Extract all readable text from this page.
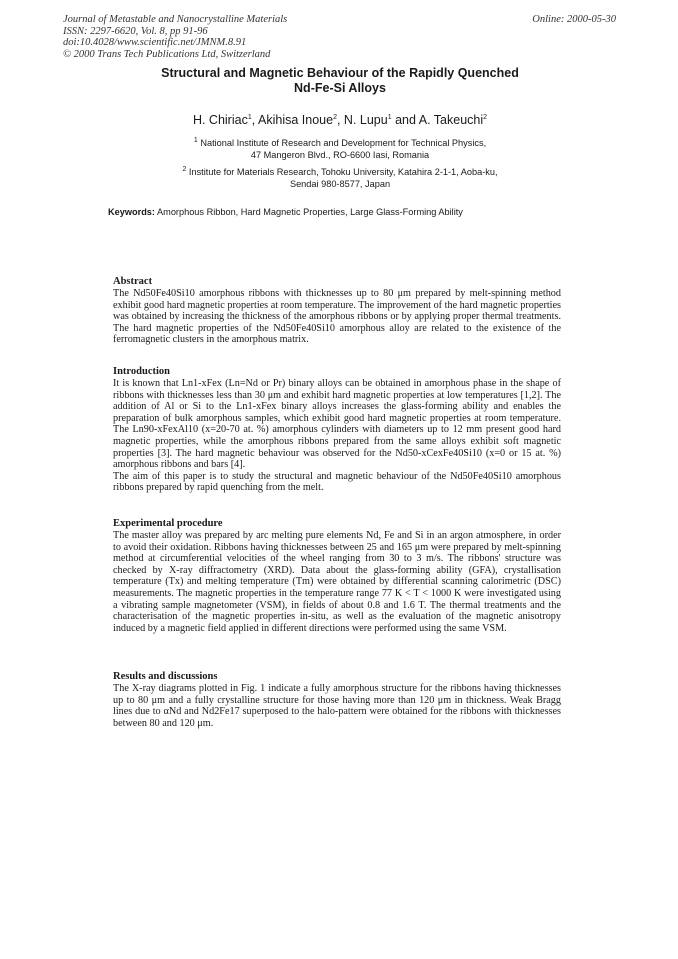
Journal of Metastable and Nanocrystalline Materials
ISSN: 2297-6620, Vol. 8, pp 91-96
doi:10.4028/www.scientific.net/JMNM.8.91
© 2000 Trans Tech Publications Ltd, Switzerland
Online: 2000-05-30
Structural and Magnetic Behaviour of the Rapidly Quenched
Nd-Fe-Si Alloys
H. Chiriac$^1$, Akihisa Inoue$^2$, N. Lupu$^1$ and A. Takeuchi$^2$
$^1$ National Institute of Research and Development for Technical Physics,
47 Mangeron Blvd., RO-6600 Iasi, Romania
$^2$ Institute for Materials Research, Tohoku University, Katahira 2-1-1, Aoba-ku,
Sendai 980-8577, Japan
Keywords: Amorphous Ribbon, Hard Magnetic Properties, Large Glass-Forming Ability

Abstract

The Nd50Fe40Si10 amorphous ribbons with thicknesses up to 80 μm prepared by melt-spinning method exhibit good hard magnetic properties at room temperature. The improvement of the hard magnetic properties was obtained by increasing the thickness of the amorphous ribbons or by applying proper thermal treatments. The hard magnetic properties of the Nd50Fe40Si10 amorphous alloy are related to the existence of the ferromagnetic clusters in the amorphous matrix.

Introduction

It is known that Ln1-xFex (Ln=Nd or Pr) binary alloys can be obtained in amorphous phase in the shape of ribbons with thicknesses less than 30 μm and exhibit hard magnetic properties at low temperatures [1,2]. The addition of Al or Si to the Ln1-xFex binary alloys increases the glass-forming ability and enables the preparation of bulk amorphous samples, which exhibit good hard magnetic properties at room temperature. The Ln90-xFexAl10 (x=20-70 at. %) amorphous cylinders with diameters up to 12 mm present good hard magnetic properties, while the amorphous ribbons prepared from the same alloys exhibit soft magnetic properties [3]. The hard magnetic behaviour was observed for the Nd50-xCexFe40Si10 (x=0 or 15 at. %) amorphous ribbons and bars [4].

The aim of this paper is to study the structural and magnetic behaviour of the Nd50Fe40Si10 amorphous ribbons prepared by rapid quenching from the melt.

Experimental procedure

The master alloy was prepared by arc melting pure elements Nd, Fe and Si in an argon atmosphere, in order to avoid their oxidation. Ribbons having thicknesses between 25 and 165 μm were prepared by melt-spinning method at circumferential velocities of the wheel ranging from 30 to 3 m/s. The ribbons' structure was checked by X-ray diffractometry (XRD). Data about the glass-forming ability (GFA), crystallisation temperature (Tx) and melting temperature (Tm) were obtained by differential scanning calorimetric (DSC) measurements. The magnetic properties in the temperature range 77 K < T < 1000 K were investigated using a vibrating sample magnetometer (VSM), in fields of about 0.8 and 1.6 T. The thermal treatments and the characterisation of the magnetic properties in-situ, as well as the evaluation of the magnetic anisotropy induced by a magnetic field applied in different directions were performed using the same VSM.

Results and discussions

The X-ray diagrams plotted in Fig. 1 indicate a fully amorphous structure for the ribbons having thicknesses up to 80 μm and a fully crystalline structure for those having more than 120 μm in thickness. Weak Bragg lines due to αNd and Nd2Fe17 superposed to the halo-pattern were obtained for the ribbons with thicknesses between 80 and 120 μm.
